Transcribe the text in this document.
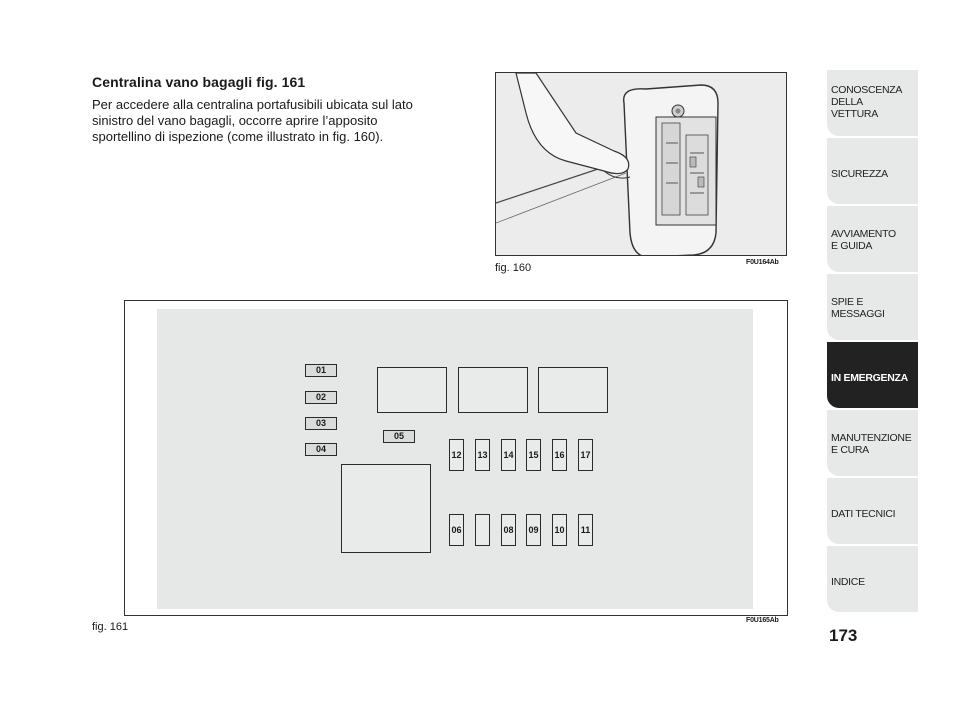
Centralina vano bagagli fig. 161
Per accedere alla centralina portafusibili ubicata sul lato
sinistro del vano bagagli, occorre aprire l’apposito
sportellino di ispezione (come illustrato in fig. 160).
fig. 160	F0U164Ab
01
02
03
04
05
12 13 14 15 16 17
06	08 09 10	11
fig. 161
F0U165Ab
CONOSCENZA
DELLA
VETTURA
SICUREZZA
AVVIAMENTO
E GUIDA
SPIE E
MESSAGGI
IN EMERGENZA
MANUTENZIONE
E CURA
DATI TECNICI
INDICE
173
